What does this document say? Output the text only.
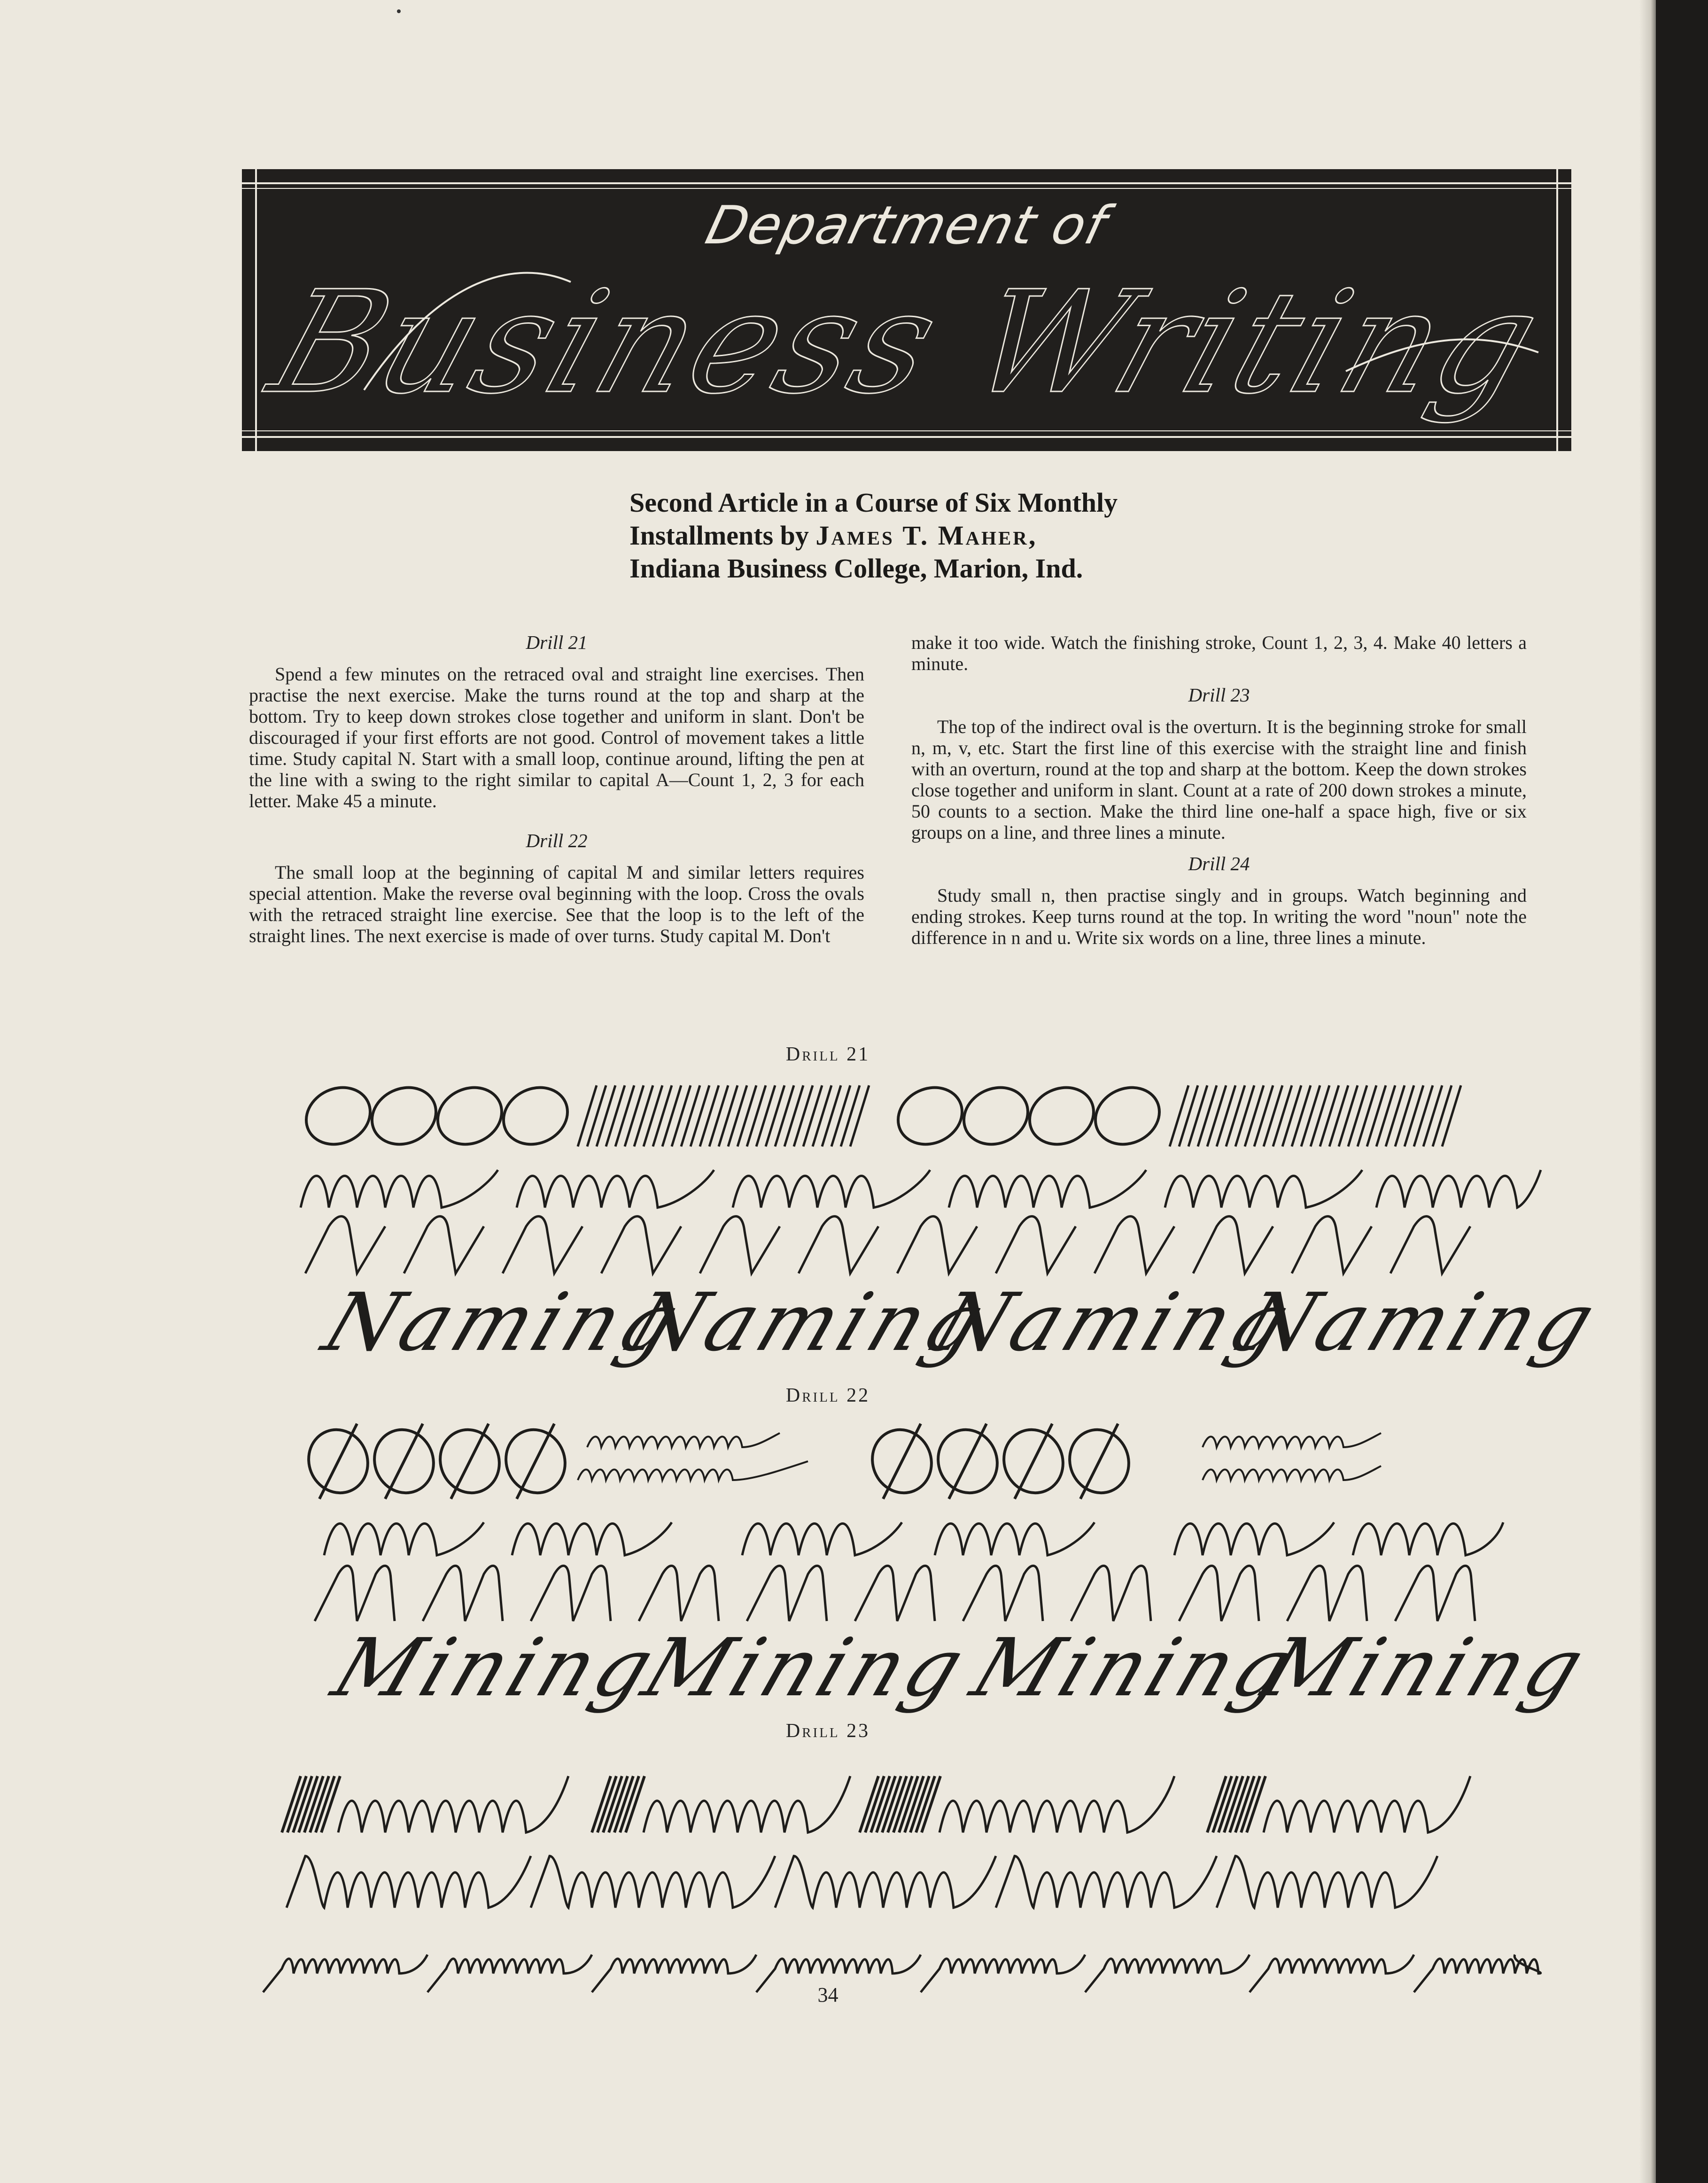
Department of
Business Writing
Second Article in a Course of Six Monthly
Installments by James T. Maher,
Indiana Business College, Marion, Ind.
Drill 21

Spend a few minutes on the retraced oval and straight line exercises. Then practise the next exercise. Make the turns round at the top and sharp at the bottom. Try to keep down strokes close together and uniform in slant. Don't be discouraged if your first efforts are not good. Control of movement takes a little time. Study capital N. Start with a small loop, continue around, lifting the pen at the line with a swing to the right similar to capital A—Count 1, 2, 3 for each letter. Make 45 a minute.

Drill 22

The small loop at the beginning of capital M and similar letters requires special attention. Make the reverse oval beginning with the loop. Cross the ovals with the retraced straight line exercise. See that the loop is to the left of the straight lines. The next exercise is made of over turns. Study capital M. Don't

make it too wide. Watch the finishing stroke, Count 1, 2, 3, 4. Make 40 letters a minute.

Drill 23

The top of the indirect oval is the overturn. It is the beginning stroke for small n, m, v, etc. Start the first line of this exercise with the straight line and finish with an overturn, round at the top and sharp at the bottom. Keep the down strokes close together and uniform in slant. Count at a rate of 200 down strokes a minute, 50 counts to a section. Make the third line one-half a space high, five or six groups on a line, and three lines a minute.

Drill 24

Study small n, then practise singly and in groups. Watch beginning and ending strokes. Keep turns round at the top. In writing the word "noun" note the difference in n and u. Write six words on a line, three lines a minute.

Drill 21
Naming
Naming
Naming
Naming
Drill 22
Mining
Mining
Mining
Mining
Drill 23
34
